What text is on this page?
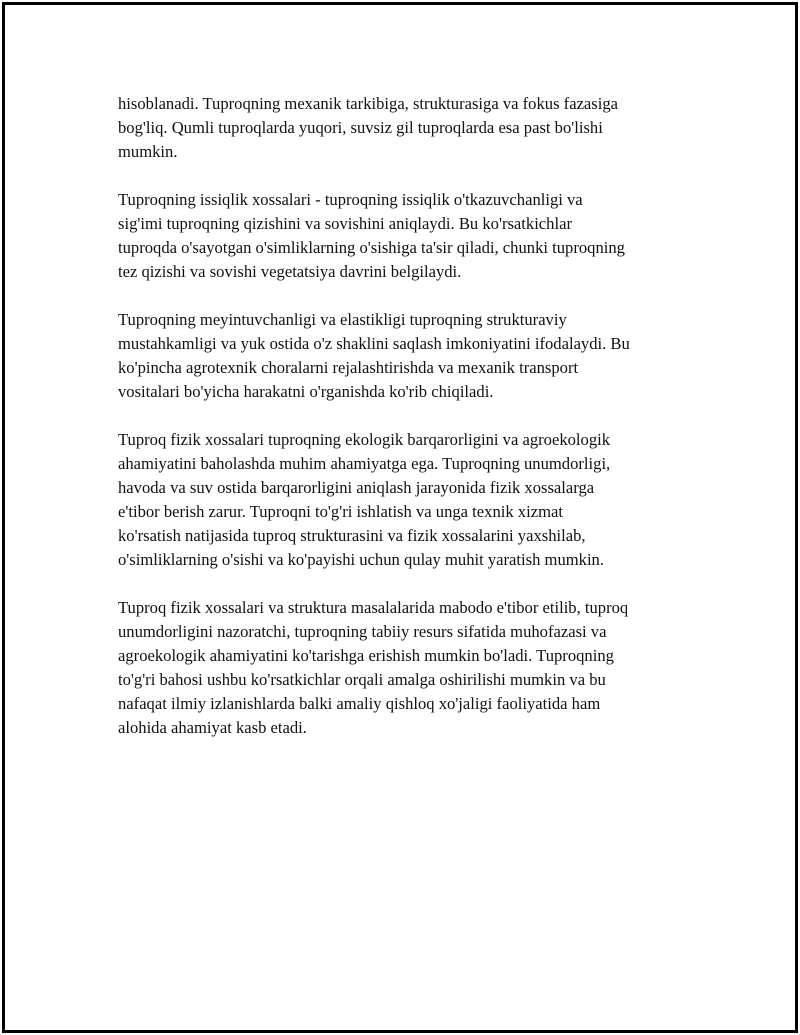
hisoblanadi. Tuproqning mexanik tarkibiga, strukturasiga va fokus fazasiga
bog'liq. Qumli tuproqlarda yuqori, suvsiz gil tuproqlarda esa past bo'lishi
mumkin.
Tuproqning issiqlik xossalari - tuproqning issiqlik o'tkazuvchanligi va
sig'imi tuproqning qizishini va sovishini aniqlaydi. Bu ko'rsatkichlar
tuproqda o'sayotgan o'simliklarning o'sishiga ta'sir qiladi, chunki tuproqning
tez qizishi va sovishi vegetatsiya davrini belgilaydi.
Tuproqning meyintuvchanligi va elastikligi tuproqning strukturaviy
mustahkamligi va yuk ostida o'z shaklini saqlash imkoniyatini ifodalaydi. Bu
ko'pincha agrotexnik choralarni rejalashtirishda va mexanik transport
vositalari bo'yicha harakatni o'rganishda ko'rib chiqiladi.
Tuproq fizik xossalari tuproqning ekologik barqarorligini va agroekologik
ahamiyatini baholashda muhim ahamiyatga ega. Tuproqning unumdorligi,
havoda va suv ostida barqarorligini aniqlash jarayonida fizik xossalarga
e'tibor berish zarur. Tuproqni to'g'ri ishlatish va unga texnik xizmat
ko'rsatish natijasida tuproq strukturasini va fizik xossalarini yaxshilab,
o'simliklarning o'sishi va ko'payishi uchun qulay muhit yaratish mumkin.
Tuproq fizik xossalari va struktura masalalarida mabodo e'tibor etilib, tuproq
unumdorligini nazoratchi, tuproqning tabiiy resurs sifatida muhofazasi va
agroekologik ahamiyatini ko'tarishga erishish mumkin bo'ladi. Tuproqning
to'g'ri bahosi ushbu ko'rsatkichlar orqali amalga oshirilishi mumkin va bu
nafaqat ilmiy izlanishlarda balki amaliy qishloq xo'jaligi faoliyatida ham
alohida ahamiyat kasb etadi.
